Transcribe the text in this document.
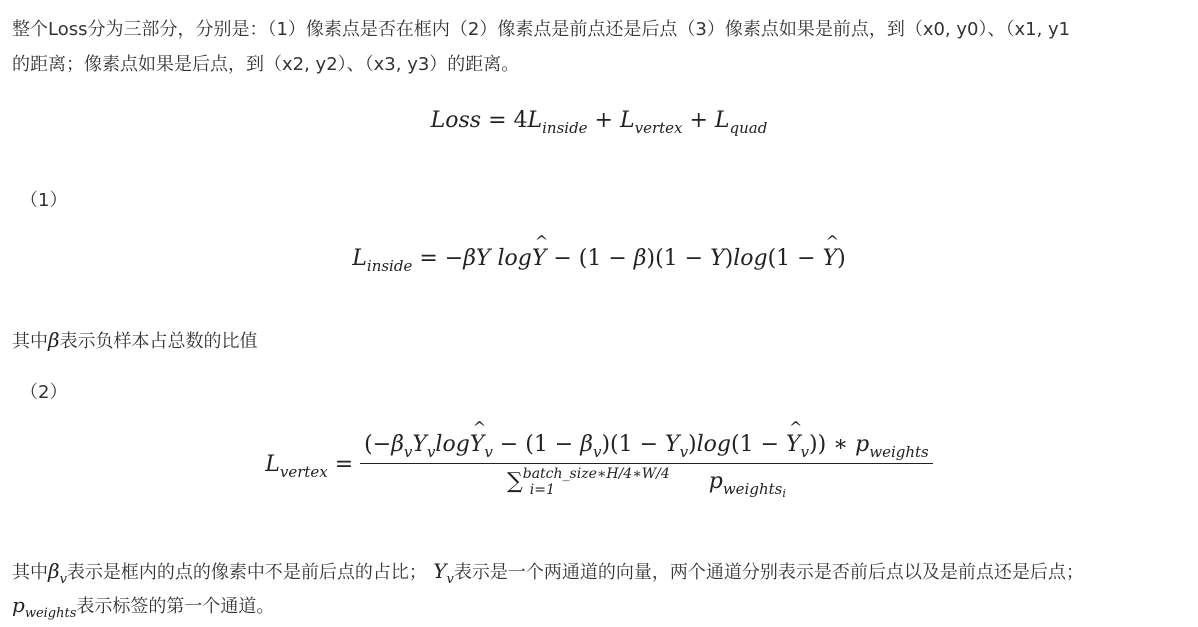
整个Loss分为三部分，分别是：（1）像素点是否在框内（2）像素点是前点还是后点（3）像素点如果是前点，到（x0, y0）、（x1, y1
的距离；像素点如果是后点，到（x2, y2）、（x3, y3）的距离。
Loss = $4L_{inside} + L_{vertex} + L_{quad}$
（1）
$L_{inside} = -\beta Y$ logY ^ − (1 − β)(1 − Y)log(1 − Y ^)
其中β表示负样本占总数的比值
（2）
$L_{vertex} = (-\beta_vY_v\log Y$ $\^{}_v - (1 - \beta_v)(1 - Y_v)\log(1 - Y$ $\^{}_v$)) ∗ $p_{weights}$
∑$^{batch\_size∗H/4∗W/4}_{i=1}$	$p_{weights_i}$
其中$\beta_v$表示是框内的点的像素中不是前后点的占比； $Y_v$表示是一个两通道的向量，两个通道分别表示是否前后点以及是前点还是后点；
$p_{weights}$表示标签的第一个通道。
